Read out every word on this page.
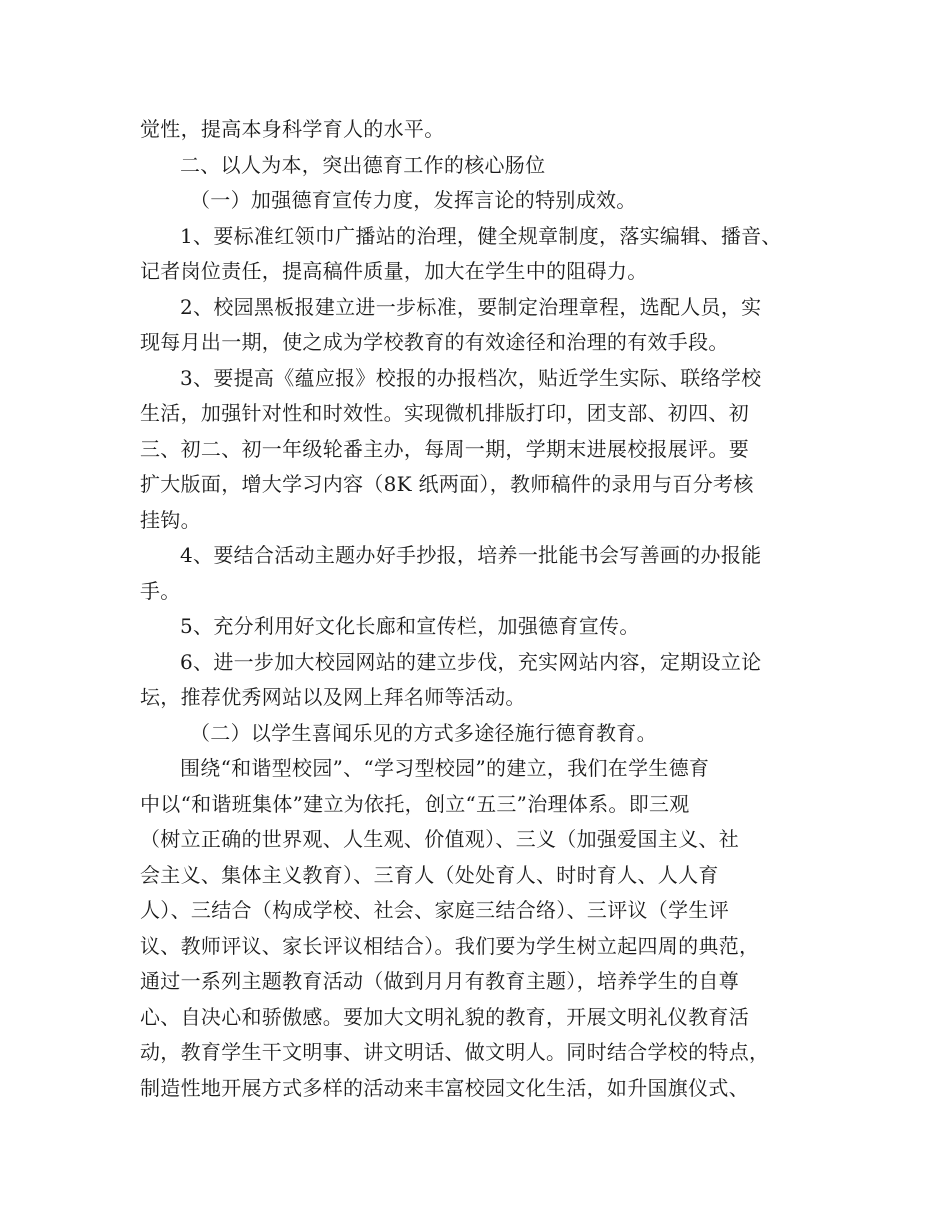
觉性，提高本身科学育人的水平。
二、以人为本，突出德育工作的核心肠位
（一）加强德育宣传力度，发挥言论的特别成效。
1、要标准红领巾广播站的治理，健全规章制度，落实编辑、播音、
记者岗位责任，提高稿件质量，加大在学生中的阻碍力。
2、校园黑板报建立进一步标准，要制定治理章程，选配人员，实
现每月出一期，使之成为学校教育的有效途径和治理的有效手段。
3、要提高《蕴应报》校报的办报档次，贴近学生实际、联络学校
生活，加强针对性和时效性。实现微机排版打印，团支部、初四、初
三、初二、初一年级轮番主办，每周一期，学期末进展校报展评。要
扩大版面，增大学习内容（8K 纸两面），教师稿件的录用与百分考核
挂钩。
4、要结合活动主题办好手抄报，培养一批能书会写善画的办报能
手。
5、充分利用好文化长廊和宣传栏，加强德育宣传。
6、进一步加大校园网站的建立步伐，充实网站内容，定期设立论
坛，推荐优秀网站以及网上拜名师等活动。
（二）以学生喜闻乐见的方式多途径施行德育教育。
围绕“和谐型校园”、“学习型校园”的建立，我们在学生德育
中以“和谐班集体”建立为依托，创立“五三”治理体系。即三观
（树立正确的世界观、人生观、价值观）、三义（加强爱国主义、社
会主义、集体主义教育）、三育人（处处育人、时时育人、人人育
人）、三结合（构成学校、社会、家庭三结合络）、三评议（学生评
议、教师评议、家长评议相结合）。我们要为学生树立起四周的典范，
通过一系列主题教育活动（做到月月有教育主题），培养学生的自尊
心、自决心和骄傲感。要加大文明礼貌的教育，开展文明礼仪教育活
动，教育学生干文明事、讲文明话、做文明人。同时结合学校的特点，
制造性地开展方式多样的活动来丰富校园文化生活，如升国旗仪式、
